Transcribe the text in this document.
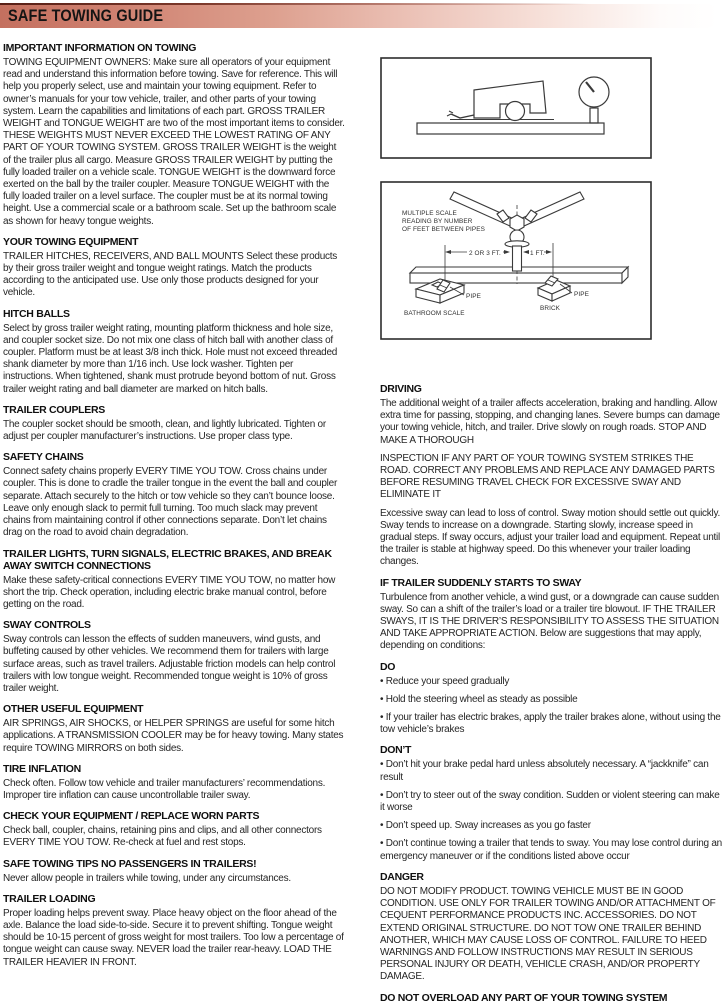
SAFE TOWING GUIDE
IMPORTANT INFORMATION ON TOWING

TOWING EQUIPMENT OWNERS: Make sure all operators of your equipment read and understand this information before towing. Save for reference. This will help you properly select, use and maintain your towing equipment. Refer to owner’s manuals for your tow vehicle, trailer, and other parts of your towing system. Learn the capabilities and limitations of each part. GROSS TRAILER WEIGHT and TONGUE WEIGHT are two of the most important items to consider. THESE WEIGHTS MUST NEVER EXCEED THE LOWEST RATING OF ANY PART OF YOUR TOWING SYSTEM. GROSS TRAILER WEIGHT is the weight of the trailer plus all cargo. Measure GROSS TRAILER WEIGHT by putting the fully loaded trailer on a vehicle scale. TONGUE WEIGHT is the downward force exerted on the ball by the trailer coupler. Measure TONGUE WEIGHT with the fully loaded trailer on a level surface. The coupler must be at its normal towing height. Use a commercial scale or a bathroom scale. Set up the bathroom scale as shown for heavy tongue weights.

YOUR TOWING EQUIPMENT

TRAILER HITCHES, RECEIVERS, AND BALL MOUNTS Select these products by their gross trailer weight and tongue weight ratings. Match the products according to the anticipated use. Use only those products designed for your vehicle.

HITCH BALLS

Select by gross trailer weight rating, mounting platform thickness and hole size, and coupler socket size. Do not mix one class of hitch ball with another class of coupler. Platform must be at least 3/8 inch thick. Hole must not exceed threaded shank diameter by more than 1/16 inch. Use lock washer. Tighten per instructions. When tightened, shank must protrude beyond bottom of nut. Gross trailer weight rating and ball diameter are marked on hitch balls.

TRAILER COUPLERS

The coupler socket should be smooth, clean, and lightly lubricated. Tighten or adjust per coupler manufacturer’s instructions. Use proper class type.

SAFETY CHAINS

Connect safety chains properly EVERY TIME YOU TOW. Cross chains under coupler. This is done to cradle the trailer tongue in the event the ball and coupler separate. Attach securely to the hitch or tow vehicle so they can’t bounce loose. Leave only enough slack to permit full turning. Too much slack may prevent chains from maintaining control if other connections separate. Don’t let chains drag on the road to avoid chain degradation.

TRAILER LIGHTS, TURN SIGNALS, ELECTRIC BRAKES, AND BREAK AWAY SWITCH CONNECTIONS

Make these safety-critical connections EVERY TIME YOU TOW, no matter how short the trip. Check operation, including electric brake manual control, before getting on the road.

SWAY CONTROLS

Sway controls can lesson the effects of sudden maneuvers, wind gusts, and buffeting caused by other vehicles. We recommend them for trailers with large surface areas, such as travel trailers. Adjustable friction models can help control trailers with low tongue weight. Recommended tongue weight is 10% of gross trailer weight.

OTHER USEFUL EQUIPMENT

AIR SPRINGS, AIR SHOCKS, or HELPER SPRINGS are useful for some hitch applications. A TRANSMISSION COOLER may be for heavy towing. Many states require TOWING MIRRORS on both sides.

TIRE INFLATION

Check often. Follow tow vehicle and trailer manufacturers’ recommendations. Improper tire inflation can cause uncontrollable trailer sway.

CHECK YOUR EQUIPMENT / REPLACE WORN PARTS

Check ball, coupler, chains, retaining pins and clips, and all other connectors EVERY TIME YOU TOW. Re-check at fuel and rest stops.

SAFE TOWING TIPS NO PASSENGERS IN TRAILERS!

Never allow people in trailers while towing, under any circumstances.

TRAILER LOADING

Proper loading helps prevent sway. Place heavy object on the floor ahead of the axle. Balance the load side-to-side. Secure it to prevent shifting. Tongue weight should be 10-15 percent of gross weight for most trailers. Too low a percentage of tongue weight can cause sway. NEVER load the trailer rear-heavy. LOAD THE TRAILER HEAVIER IN FRONT.

MULTIPLE SCALE
READING BY NUMBER
OF FEET BETWEEN PIPES
2 OR 3 FT.	1 FT.
PIPE	PIPE
BRICK
BATHROOM SCALE
DRIVING

The additional weight of a trailer affects acceleration, braking and handling. Allow extra time for passing, stopping, and changing lanes. Severe bumps can damage your towing vehicle, hitch, and trailer. Drive slowly on rough roads. STOP AND MAKE A THOROUGH

INSPECTION IF ANY PART OF YOUR TOWING SYSTEM STRIKES THE ROAD. CORRECT ANY PROBLEMS AND REPLACE ANY DAMAGED PARTS BEFORE RESUMING TRAVEL CHECK FOR EXCESSIVE SWAY AND ELIMINATE IT

Excessive sway can lead to loss of control. Sway motion should settle out quickly. Sway tends to increase on a downgrade. Starting slowly, increase speed in gradual steps. If sway occurs, adjust your trailer load and equipment. Repeat until the trailer is stable at highway speed. Do this whenever your trailer loading changes.

IF TRAILER SUDDENLY STARTS TO SWAY

Turbulence from another vehicle, a wind gust, or a downgrade can cause sudden sway. So can a shift of the trailer’s load or a trailer tire blowout. IF THE TRAILER SWAYS, IT IS THE DRIVER’S RESPONSIBILITY TO ASSESS THE SITUATION AND TAKE APPROPRIATE ACTION. Below are suggestions that may apply, depending on conditions:

DO

• Reduce your speed gradually

• Hold the steering wheel as steady as possible

• If your trailer has electric brakes, apply the trailer brakes alone, without using the tow vehicle’s brakes

DON’T

• Don’t hit your brake pedal hard unless absolutely necessary. A “jackknife” can result

• Don’t try to steer out of the sway condition. Sudden or violent steering can make it worse

• Don’t speed up. Sway increases as you go faster

• Don’t continue towing a trailer that tends to sway. You may lose control during an emergency maneuver or if the conditions listed above occur

DANGER

DO NOT MODIFY PRODUCT. TOWING VEHICLE MUST BE IN GOOD CONDITION. USE ONLY FOR TRAILER TOWING AND/OR ATTACHMENT OF CEQUENT PERFORMANCE PRODUCTS INC. ACCESSORIES. DO NOT EXTEND ORIGINAL STRUCTURE. DO NOT TOW ONE TRAILER BEHIND ANOTHER, WHICH MAY CAUSE LOSS OF CONTROL. FAILURE TO HEED WARNINGS AND FOLLOW INSTRUCTIONS MAY RESULT IN SERIOUS PERSONAL INJURY OR DEATH, VEHICLE CRASH, AND/OR PROPERTY DAMAGE.

DO NOT OVERLOAD ANY PART OF YOUR TOWING SYSTEM
